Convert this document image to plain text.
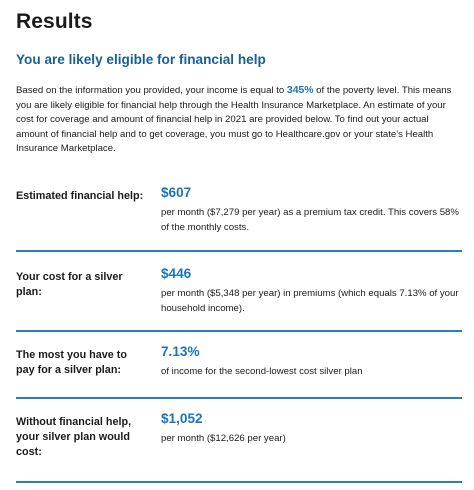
Results
You are likely eligible for financial help

Based on the information you provided, your income is equal to 345% of the poverty level. This means you are likely eligible for financial help through the Health Insurance Marketplace. An estimate of your cost for coverage and amount of financial help in 2021 are provided below. To find out your actual amount of financial help and to get coverage, you must go to Healthcare.gov or your state's Health Insurance Marketplace.

Estimated financial help: $607
per month ($7,279 per year) as a premium tax credit. This covers 58% of the monthly costs.
Your cost for a silver plan:
$446
per month ($5,348 per year) in premiums (which equals 7.13% of your household income).
The most you have to pay for a silver plan:
7.13%
of income for the second-lowest cost silver plan
Without financial help, your silver plan would cost:
$1,052
per month ($12,626 per year)
